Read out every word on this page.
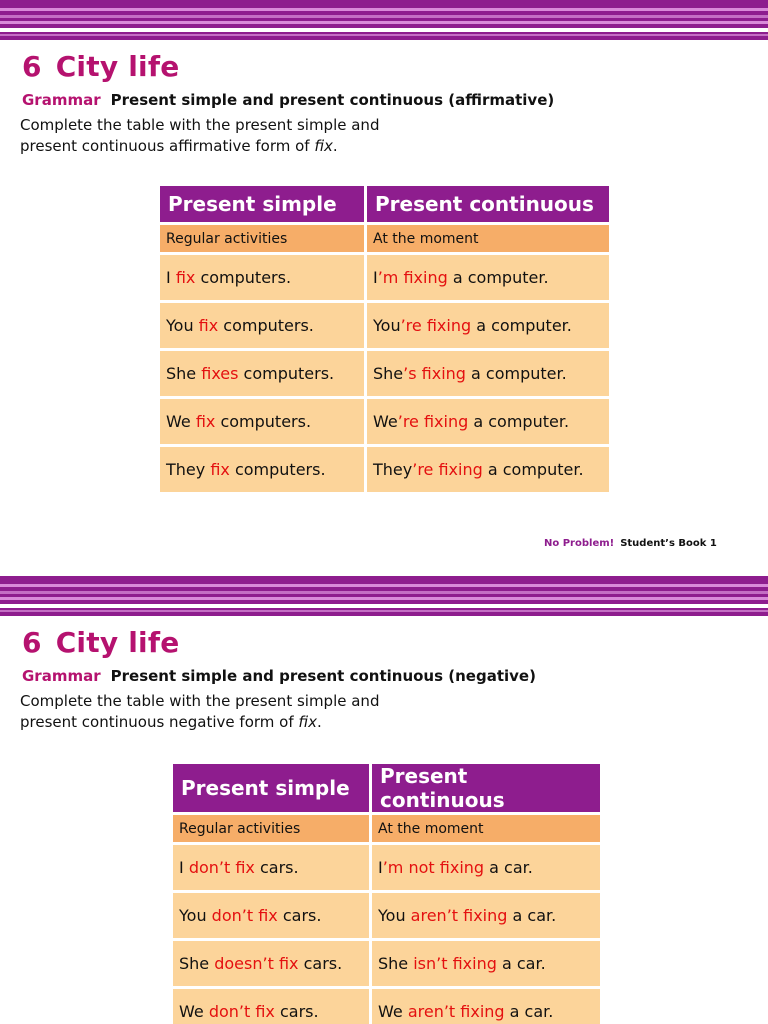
6 City life
Grammar Present simple and present continuous (affirmative)
Complete the table with the present simple and
present continuous affirmative form of fix.
Present simple	Present continuous
Regular activities	At the moment
I fix computers.	I’m fixing a computer.
You fix computers.	You’re fixing a computer.
She fixes computers.	She’s fixing a computer.
We fix computers.	We’re fixing a computer.
They fix computers.	They’re fixing a computer.
No Problem! Student’s Book 1
6 City life
Grammar Present simple and present continuous (negative)
Complete the table with the present simple and
present continuous negative form of fix.
Present simple	Present continuous
Regular activities	At the moment
I don’t fix cars.	I’m not fixing a car.
You don’t fix cars.	You aren’t fixing a car.
She doesn’t fix cars.	She isn’t fixing a car.
We don’t fix cars.	We aren’t fixing a car.
